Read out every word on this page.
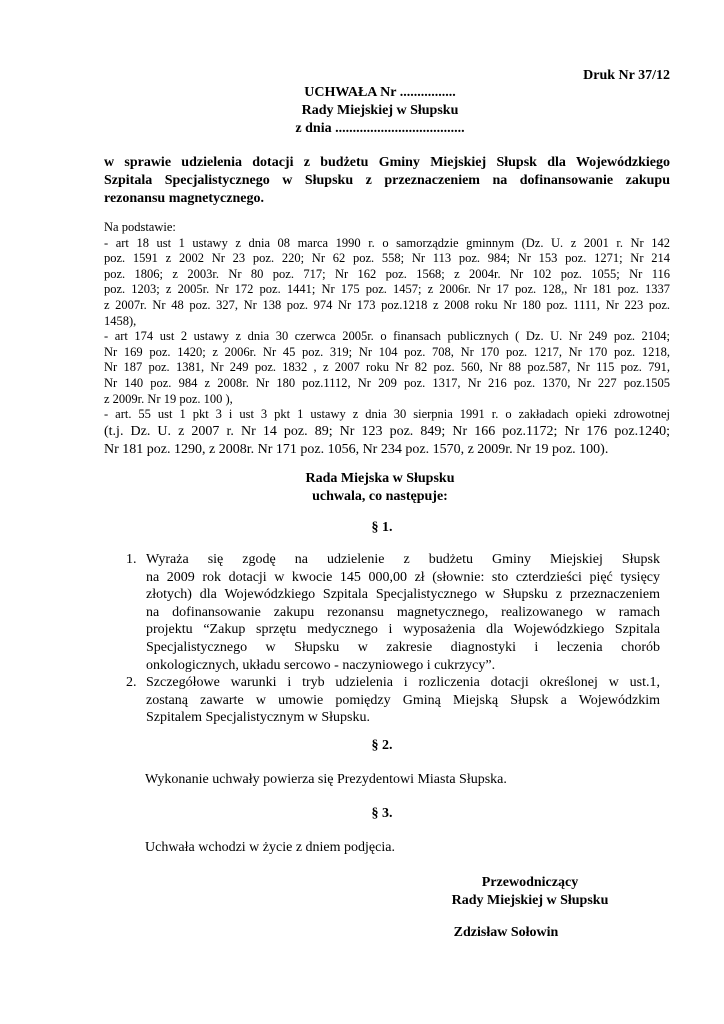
Druk Nr 37/12
UCHWAŁA Nr ................
Rady Miejskiej w Słupsku
z dnia .....................................
w sprawie udzielenia dotacji z budżetu Gminy Miejskiej Słupsk dla Wojewódzkiego
Szpitala Specjalistycznego w Słupsku z przeznaczeniem na dofinansowanie zakupu
rezonansu magnetycznego.
Na podstawie:
- art 18 ust 1 ustawy z dnia 08 marca 1990 r. o samorządzie gminnym (Dz. U. z 2001 r. Nr 142
poz. 1591 z 2002 Nr 23 poz. 220; Nr 62 poz. 558; Nr 113 poz. 984; Nr 153 poz. 1271; Nr 214
poz. 1806; z 2003r. Nr 80 poz. 717; Nr 162 poz. 1568; z 2004r. Nr 102 poz. 1055; Nr 116
poz. 1203; z 2005r. Nr 172 poz. 1441; Nr 175 poz. 1457; z 2006r. Nr 17 poz. 128,, Nr 181 poz. 1337
z 2007r. Nr 48 poz. 327, Nr 138 poz. 974 Nr 173 poz.1218 z 2008 roku Nr 180 poz. 1111, Nr 223 poz.
1458),
- art 174 ust 2 ustawy z dnia 30 czerwca 2005r. o finansach publicznych ( Dz. U. Nr 249 poz. 2104;
Nr 169 poz. 1420; z 2006r. Nr 45 poz. 319; Nr 104 poz. 708, Nr 170 poz. 1217, Nr 170 poz. 1218,
Nr 187 poz. 1381, Nr 249 poz. 1832 , z 2007 roku Nr 82 poz. 560, Nr 88 poz.587, Nr 115 poz. 791,
Nr 140 poz. 984 z 2008r. Nr 180 poz.1112, Nr 209 poz. 1317, Nr 216 poz. 1370, Nr 227 poz.1505
z 2009r. Nr 19 poz. 100 ),
- art. 55 ust 1 pkt 3 i ust 3 pkt 1 ustawy z dnia 30 sierpnia 1991 r. o zakładach opieki zdrowotnej
(t.j. Dz. U. z 2007 r. Nr 14 poz. 89; Nr 123 poz. 849; Nr 166 poz.1172; Nr 176 poz.1240;
Nr 181 poz. 1290, z 2008r. Nr 171 poz. 1056, Nr 234 poz. 1570, z 2009r. Nr 19 poz. 100).
Rada Miejska w Słupsku
uchwala, co następuje:
§ 1.
1. Wyraża się zgodę na udzielenie z budżetu Gminy Miejskiej Słupsk
na 2009 rok dotacji w kwocie 145 000,00 zł (słownie: sto czterdzieści pięć tysięcy
złotych) dla Wojewódzkiego Szpitala Specjalistycznego w Słupsku z przeznaczeniem
na dofinansowanie zakupu rezonansu magnetycznego, realizowanego w ramach
projektu “Zakup sprzętu medycznego i wyposażenia dla Wojewódzkiego Szpitala
Specjalistycznego w Słupsku w zakresie diagnostyki i leczenia chorób
onkologicznych, układu sercowo - naczyniowego i cukrzycy”.
2. Szczegółowe warunki i tryb udzielenia i rozliczenia dotacji określonej w ust.1,
zostaną zawarte w umowie pomiędzy Gminą Miejską Słupsk a Wojewódzkim
Szpitalem Specjalistycznym w Słupsku.
§ 2.
Wykonanie uchwały powierza się Prezydentowi Miasta Słupska.
§ 3.
Uchwała wchodzi w życie z dniem podjęcia.
Przewodniczący
Rady Miejskiej w Słupsku
Zdzisław Sołowin
